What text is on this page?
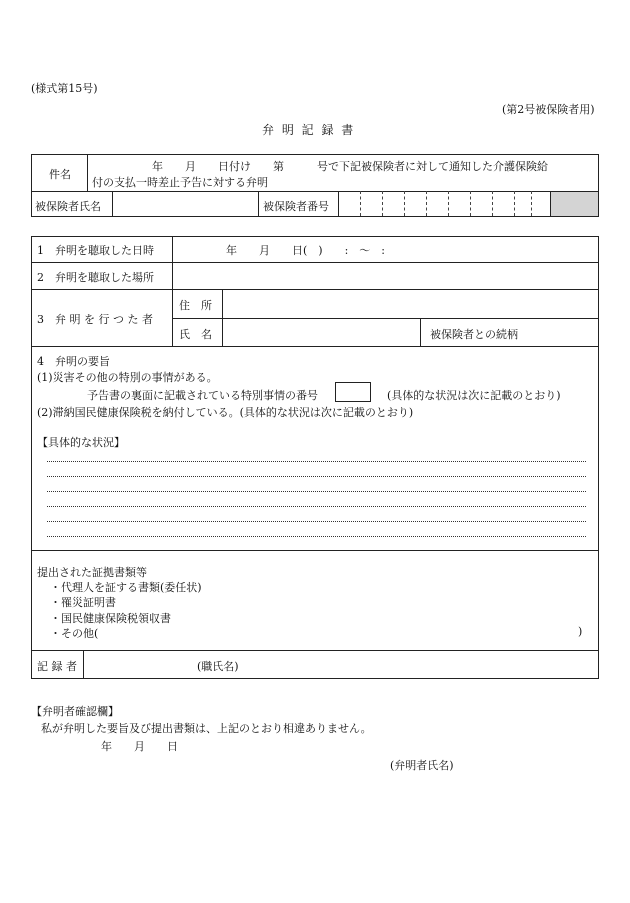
(様式第15号)
(第2号被保険者用)
弁 明 記 録 書
件名
年　　月　　日付け　　第　　　号で下記被保険者に対して通知した介護保険給
付の支払一時差止予告に対する弁明
被保険者氏名	被保険者番号
1　弁明を聴取した日時	年　　月　　日(　)　　:　〜　:
2　弁明を聴取した場所
3　弁 明 を 行 つ た 者
住　所
氏　名	被保険者との続柄
4　弁明の要旨
(1)災害その他の特別の事情がある。
予告書の裏面に記載されている特別事情の番号	(具体的な状況は次に記載のとおり)
(2)滞納国民健康保険税を納付している。(具体的な状況は次に記載のとおり)
【具体的な状況】
提出された証拠書類等
・代理人を証する書類(委任状)
・罹災証明書
・国民健康保険税領収書
・その他(	)
記 録 者	(職氏名)
【弁明者確認欄】
私が弁明した要旨及び提出書類は、上記のとおり相違ありません。
年　　月　　日
(弁明者氏名)
